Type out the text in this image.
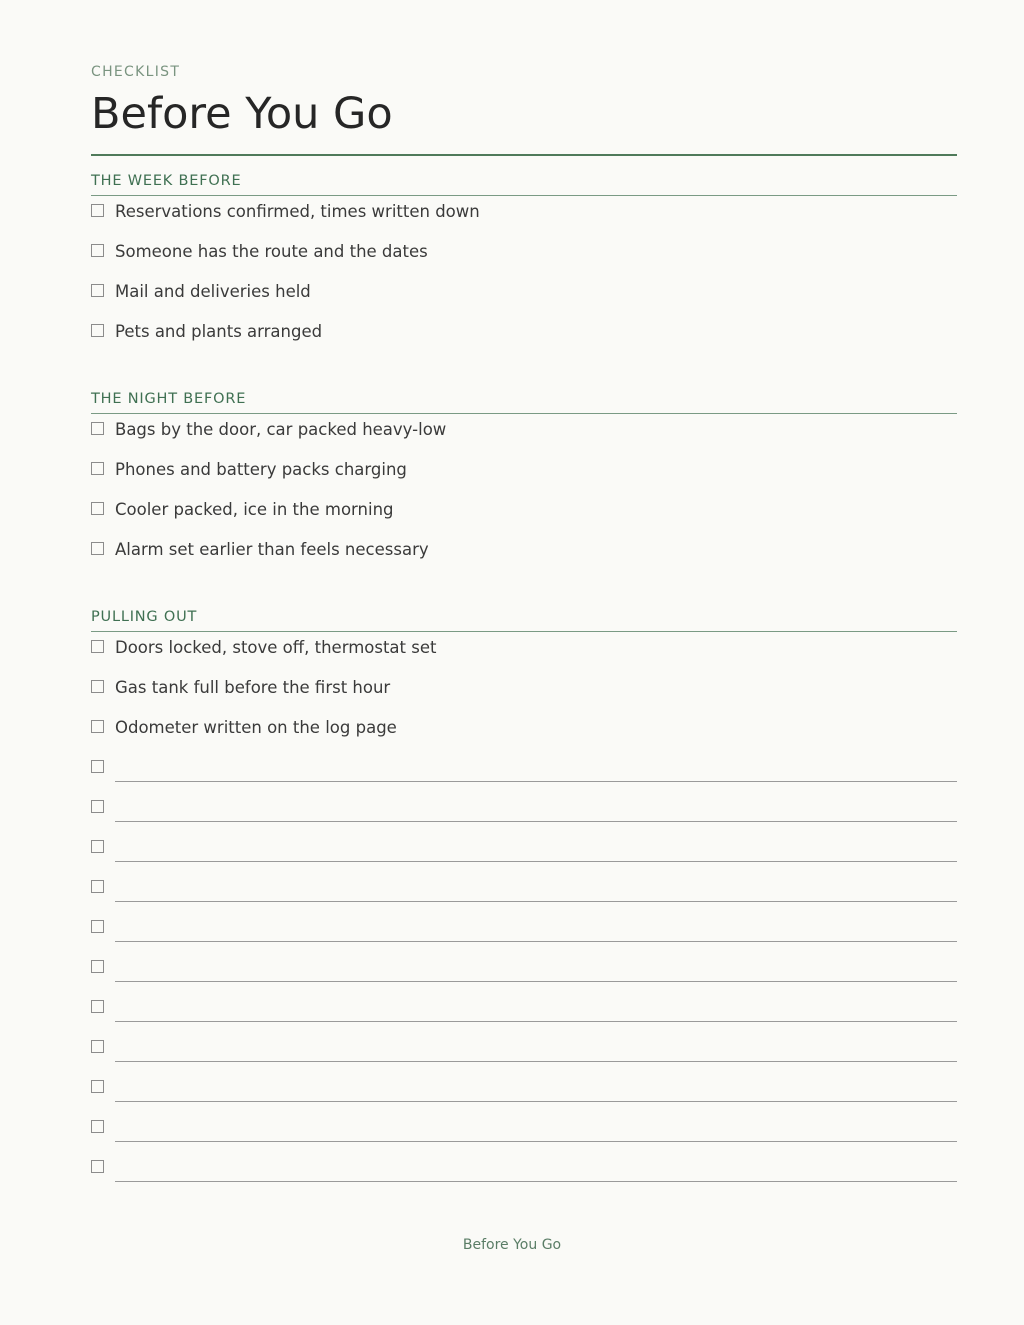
CHECKLIST
Before You Go
THE WEEK BEFORE
Reservations confirmed, times written down
Someone has the route and the dates
Mail and deliveries held
Pets and plants arranged
THE NIGHT BEFORE
Bags by the door, car packed heavy-low
Phones and battery packs charging
Cooler packed, ice in the morning
Alarm set earlier than feels necessary
PULLING OUT
Doors locked, stove off, thermostat set
Gas tank full before the first hour
Odometer written on the log page
Before You Go
